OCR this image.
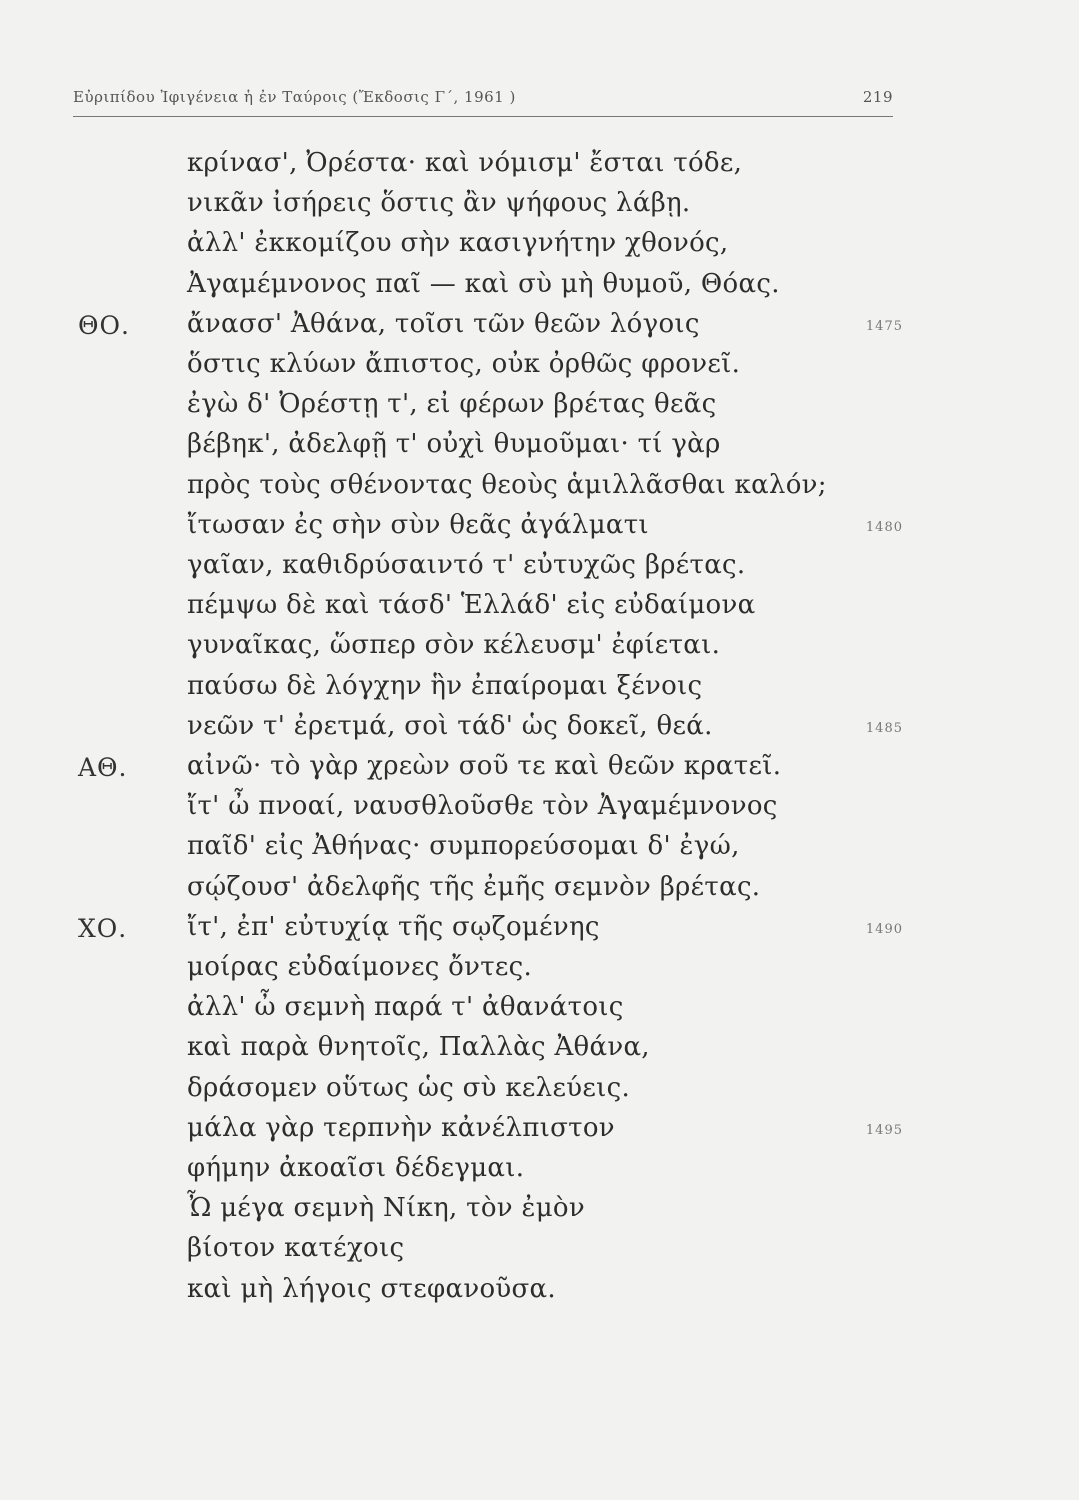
Εὐριπίδου Ἰφιγένεια ἡ ἐν Ταύροις (Ἔκδοσις Γ΄, 1961 )	219
κρίνασ', Ὀρέστα· καὶ νόμισμ' ἔσται τόδε,
νικᾶν ἰσήρεις ὅστις ἂν ψήφους λάβῃ.
ἀλλ' ἐκκομίζου σὴν κασιγνήτην χθονός,
Ἀγαμέμνονος παῖ — καὶ σὺ μὴ θυμοῦ, Θόας.
ΘΟ. ἄνασσ' Ἀθάνα, τοῖσι τῶν θεῶν λόγοις	1475
ὅστις κλύων ἄπιστος, οὐκ ὀρθῶς φρονεῖ.
ἐγὼ δ' Ὀρέστῃ τ', εἰ φέρων βρέτας θεᾶς
βέβηκ', ἀδελφῇ τ' οὐχὶ θυμοῦμαι· τί γὰρ
πρὸς τοὺς σθένοντας θεοὺς ἁμιλλᾶσθαι καλόν;
ἴτωσαν ἐς σὴν σὺν θεᾶς ἀγάλματι	1480
γαῖαν, καθιδρύσαιντό τ' εὐτυχῶς βρέτας.
πέμψω δὲ καὶ τάσδ' Ἑλλάδ' εἰς εὐδαίμονα
γυναῖκας, ὥσπερ σὸν κέλευσμ' ἐφίεται.
παύσω δὲ λόγχην ἣν ἐπαίρομαι ξένοις
νεῶν τ' ἐρετμά, σοὶ τάδ' ὡς δοκεῖ, θεά.	1485
ΑΘ. αἰνῶ· τὸ γὰρ χρεὼν σοῦ τε καὶ θεῶν κρατεῖ.
ἴτ' ὦ πνοαί, ναυσθλοῦσθε τὸν Ἀγαμέμνονος
παῖδ' εἰς Ἀθήνας· συμπορεύσομαι δ' ἐγώ,
σῴζουσ' ἀδελφῆς τῆς ἐμῆς σεμνὸν βρέτας.
ΧΟ. ἴτ', ἐπ' εὐτυχίᾳ τῆς σῳζομένης	1490
μοίρας εὐδαίμονες ὄντες.
ἀλλ' ὦ σεμνὴ παρά τ' ἀθανάτοις
καὶ παρὰ θνητοῖς, Παλλὰς Ἀθάνα,
δράσομεν οὕτως ὡς σὺ κελεύεις.
μάλα γὰρ τερπνὴν κἀνέλπιστον	1495
φήμην ἀκοαῖσι δέδεγμαι.
Ὦ μέγα σεμνὴ Νίκη, τὸν ἐμὸν
βίοτον κατέχοις
καὶ μὴ λήγοις στεφανοῦσα.
